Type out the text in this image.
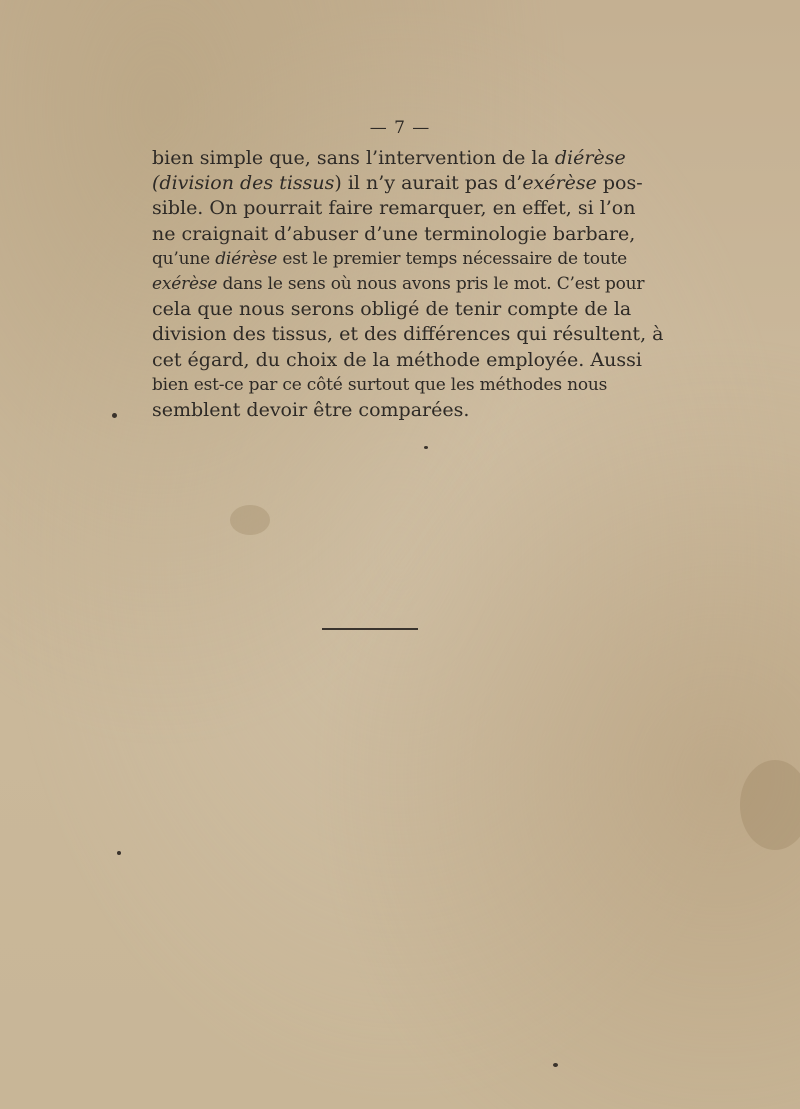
— 7 —
bien simple que, sans l’intervention de la diérèse
(division des tissus) il n’y aurait pas d’exérèse pos-
sible. On pourrait faire remarquer, en effet, si l’on
ne craignait d’abuser d’une terminologie barbare,
qu’une diérèse est le premier temps nécessaire de toute
exérèse dans le sens où nous avons pris le mot. C’est pour
cela que nous serons obligé de tenir compte de la
division des tissus, et des différences qui résultent, à
cet égard, du choix de la méthode employée. Aussi
bien est-ce par ce côté surtout que les méthodes nous
semblent devoir être comparées.
